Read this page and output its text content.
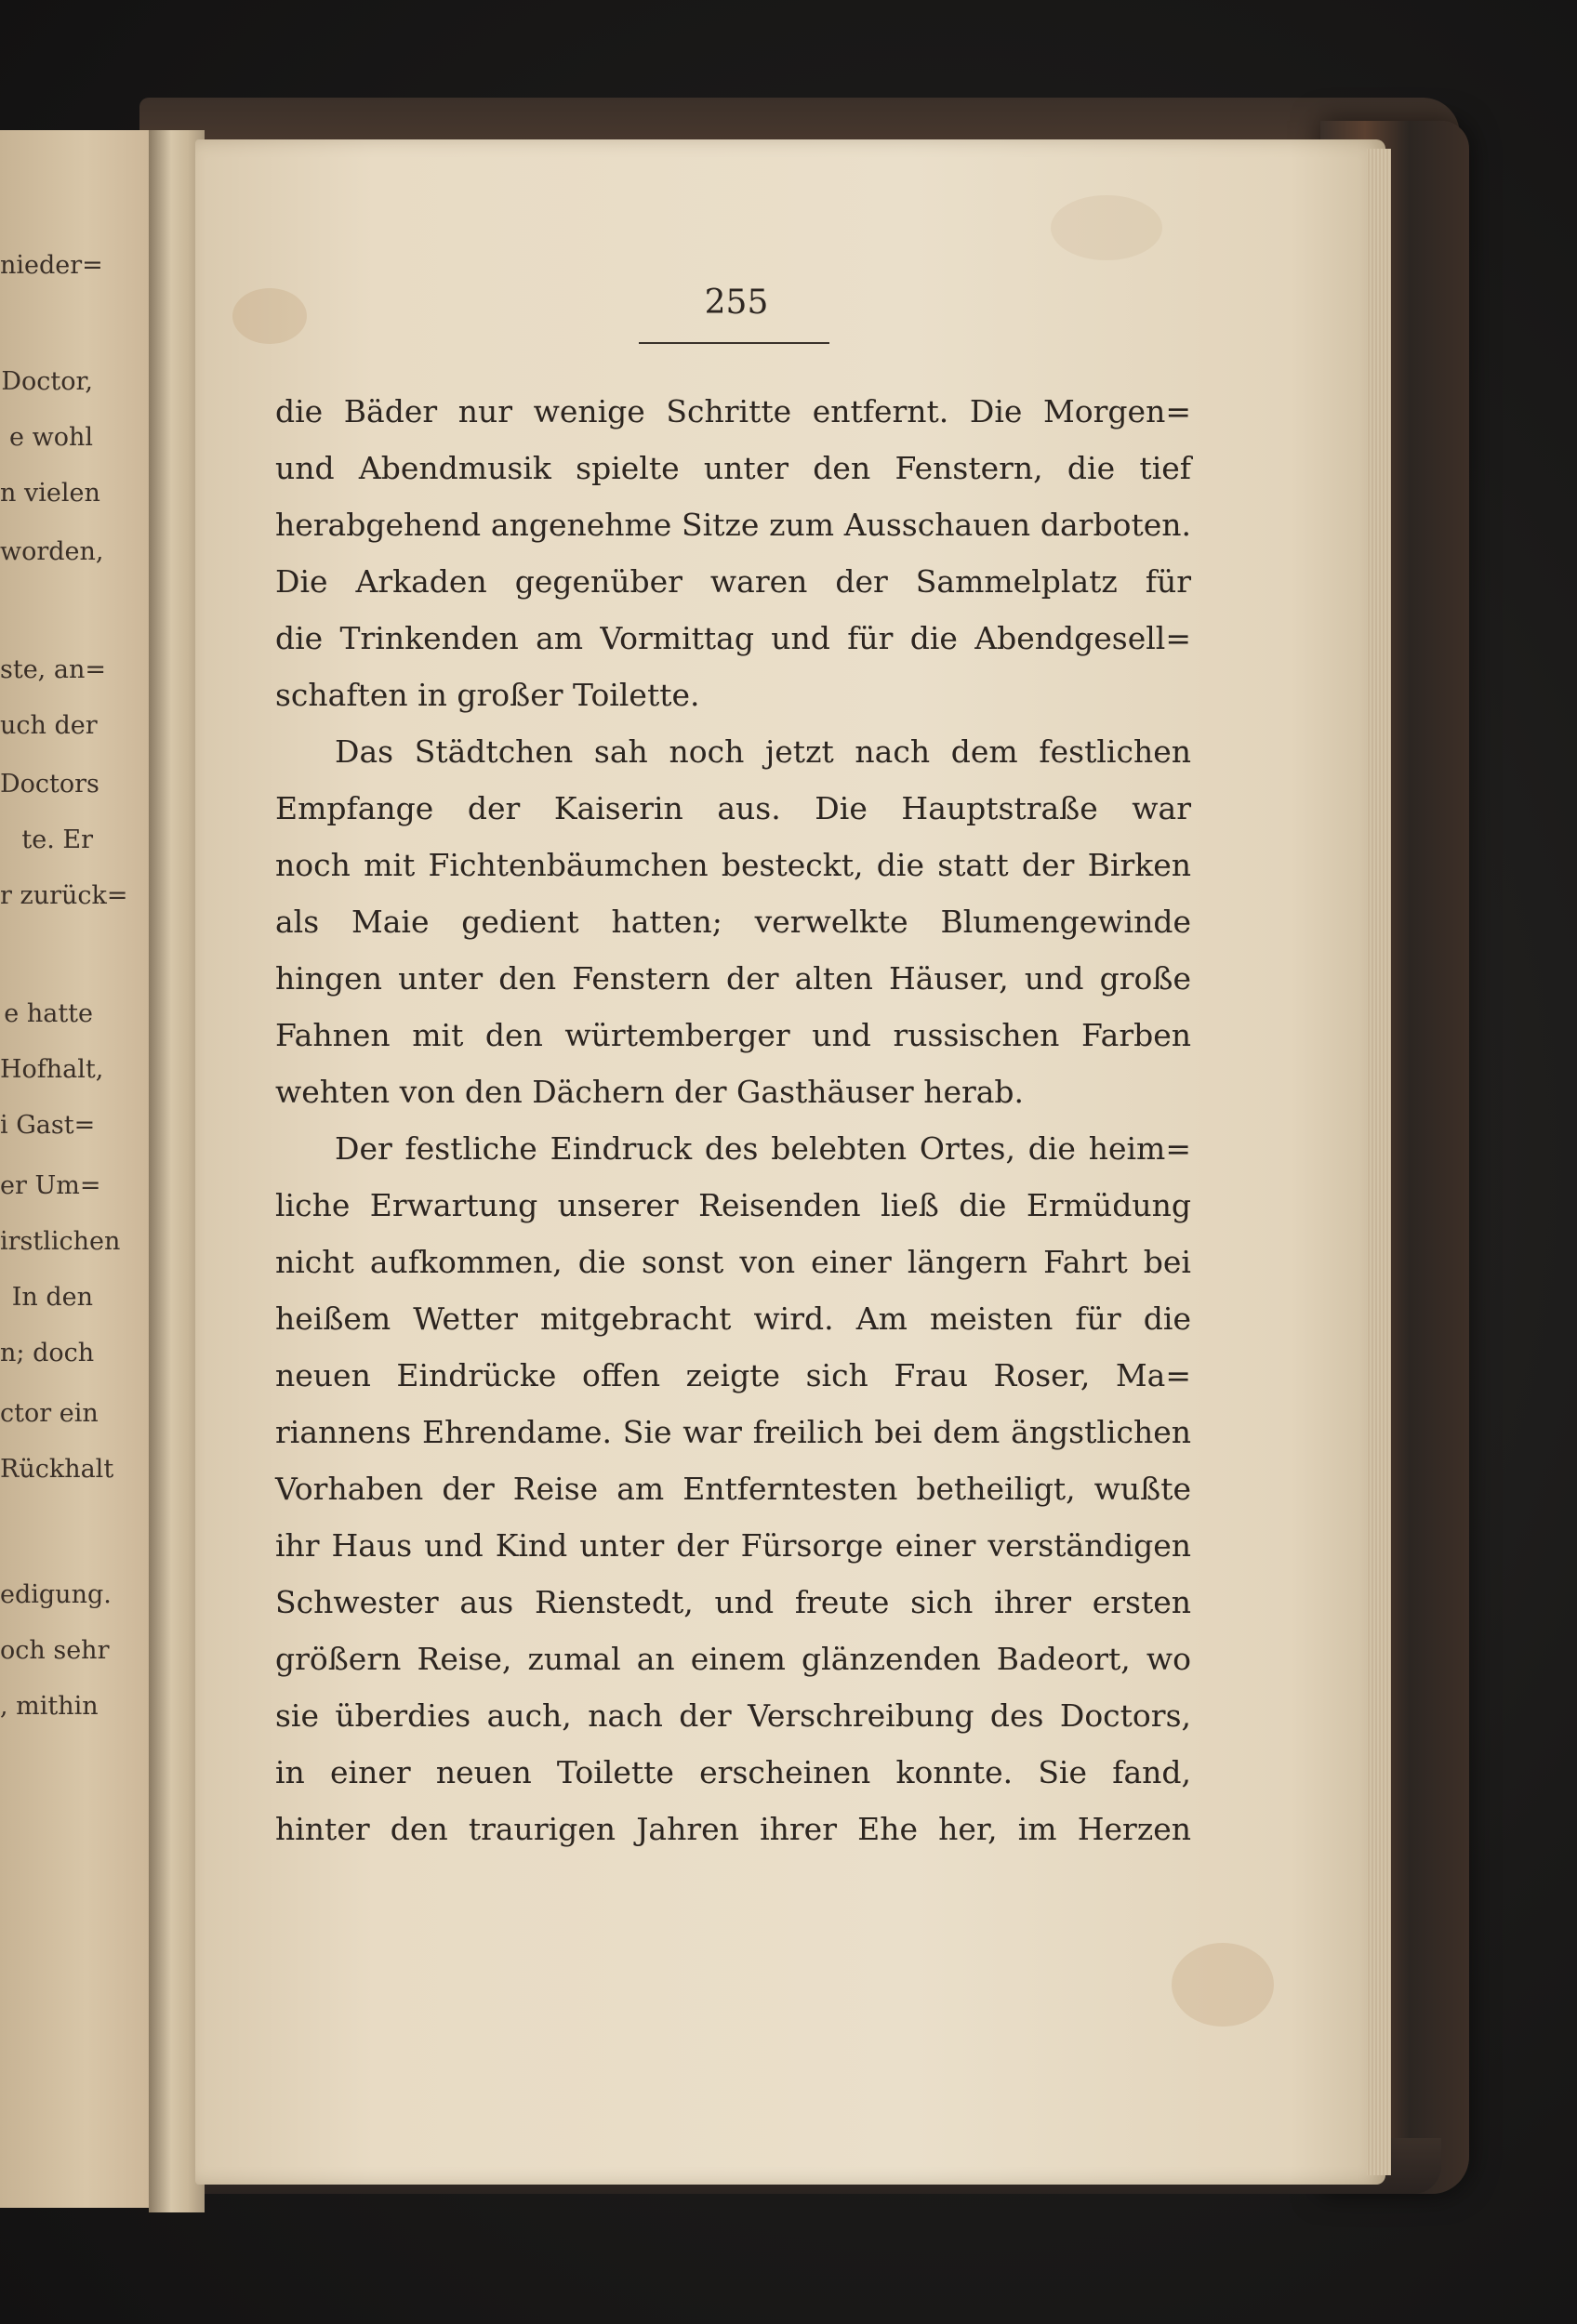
nieder=
Doctor,
e wohl
n vielen
worden,
ste, an=
uch der
Doctors
te. Er
r zurück=
e hatte
Hofhalt,
i Gast=
er Um=
irstlichen
In den
n; doch
ctor ein
Rückhalt
edigung.
och sehr
, mithin
255
die Bäder nur wenige Schritte entfernt. Die Morgen=
und Abendmusik spielte unter den Fenstern, die tief
herabgehend angenehme Sitze zum Ausschauen darboten.
Die Arkaden gegenüber waren der Sammelplatz für
die Trinkenden am Vormittag und für die Abendgesell=
schaften in großer Toilette.
Das Städtchen sah noch jetzt nach dem festlichen
Empfange der Kaiserin aus. Die Hauptstraße war
noch mit Fichtenbäumchen besteckt, die statt der Birken
als Maie gedient hatten; verwelkte Blumengewinde
hingen unter den Fenstern der alten Häuser, und große
Fahnen mit den würtemberger und russischen Farben
wehten von den Dächern der Gasthäuser herab.
Der festliche Eindruck des belebten Ortes, die heim=
liche Erwartung unserer Reisenden ließ die Ermüdung
nicht aufkommen, die sonst von einer längern Fahrt bei
heißem Wetter mitgebracht wird. Am meisten für die
neuen Eindrücke offen zeigte sich Frau Roser, Ma=
riannens Ehrendame. Sie war freilich bei dem ängstlichen
Vorhaben der Reise am Entferntesten betheiligt, wußte
ihr Haus und Kind unter der Fürsorge einer verständigen
Schwester aus Rienstedt, und freute sich ihrer ersten
größern Reise, zumal an einem glänzenden Badeort, wo
sie überdies auch, nach der Verschreibung des Doctors,
in einer neuen Toilette erscheinen konnte. Sie fand,
hinter den traurigen Jahren ihrer Ehe her, im Herzen
